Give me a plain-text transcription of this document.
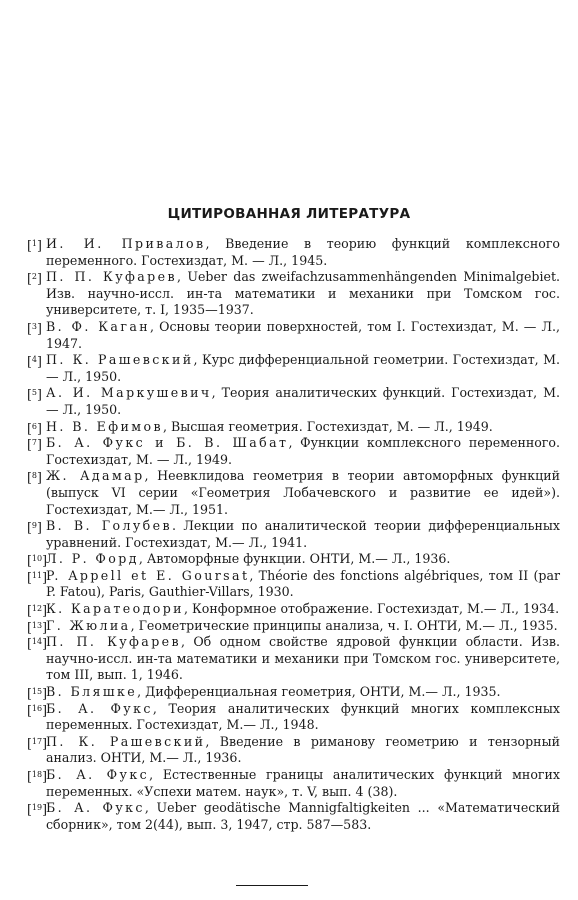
ЦИТИРОВАННАЯ ЛИТЕРАТУРА
[$^1$] И. И. Привалов, Введение в теорию функций комплексного переменного. Гостехиздат, М. — Л., 1945.
[$^2$] П. П. Куфарев, Ueber das zweifachzusammenhängenden Minimalgebiet. Изв. научно-иссл. ин-та математики и механики при Томском гос. университете, т. I, 1935—1937.
[$^3$] В. Ф. Каган, Основы теории поверхностей, том I. Гостехиздат, М. — Л., 1947.
[$^4$] П. К. Рашевский, Курс дифференциальной геометрии. Гостехиздат, М. — Л., 1950.
[$^5$] А. И. Маркушевич, Теория аналитических функций. Гостехиздат, М. — Л., 1950.
[$^6$] Н. В. Ефимов, Высшая геометрия. Гостехиздат, М. — Л., 1949.
[$^7$] Б. А. Фукс и Б. В. Шабат, Функции комплексного переменного. Гостехиздат, М. — Л., 1949.
[$^8$] Ж. Адамар, Неевклидова геометрия в теории автоморфных функций (выпуск VI серии «Геометрия Лобачевского и развитие ее идей»). Гостехиздат, М.— Л., 1951.
[$^9$] В. В. Голубев. Лекции по аналитической теории дифференциальных уравнений. Гостехиздат, М.— Л., 1941.
[$^{10}$]
Л. Р. Форд, Автоморфные функции. ОНТИ, М.— Л., 1936.
[$^{11}$]
P. Appell et E. Goursat, Théorie des fonctions algébriques, том II (par P. Fatou), Paris, Gauthier-Villars, 1930.
[$^{12}$]
К. Каратеодори, Конформное отображение. Гостехиздат, М.— Л., 1934.
[$^{13}$]
Г. Жюлиа, Геометрические принципы анализа, ч. I. ОНТИ, М.— Л., 1935.
[$^{14}$]
П. П. Куфарев, Об одном свойстве ядровой функции области. Изв. научно-иссл. ин-та математики и механики при Томском гос. университете, том III, вып. 1, 1946.
[$^{15}$]
В. Бляшке, Дифференциальная геометрия, ОНТИ, М.— Л., 1935.
[$^{16}$]
Б. А. Фукс, Теория аналитических функций многих комплексных переменных. Гостехиздат, М.— Л., 1948.
[$^{17}$]
П. К. Рашевский, Введение в риманову геометрию и тензорный анализ. ОНТИ, М.— Л., 1936.
[$^{18}$]
Б. А. Фукс, Естественные границы аналитических функций многих переменных. «Успехи матем. наук», т. V, вып. 4 (38).
[$^{19}$]
Б. А. Фукс, Ueber geodätische Mannigfaltigkeiten ... «Математический сборник», том 2(44), вып. 3, 1947, стр. 587—583.
